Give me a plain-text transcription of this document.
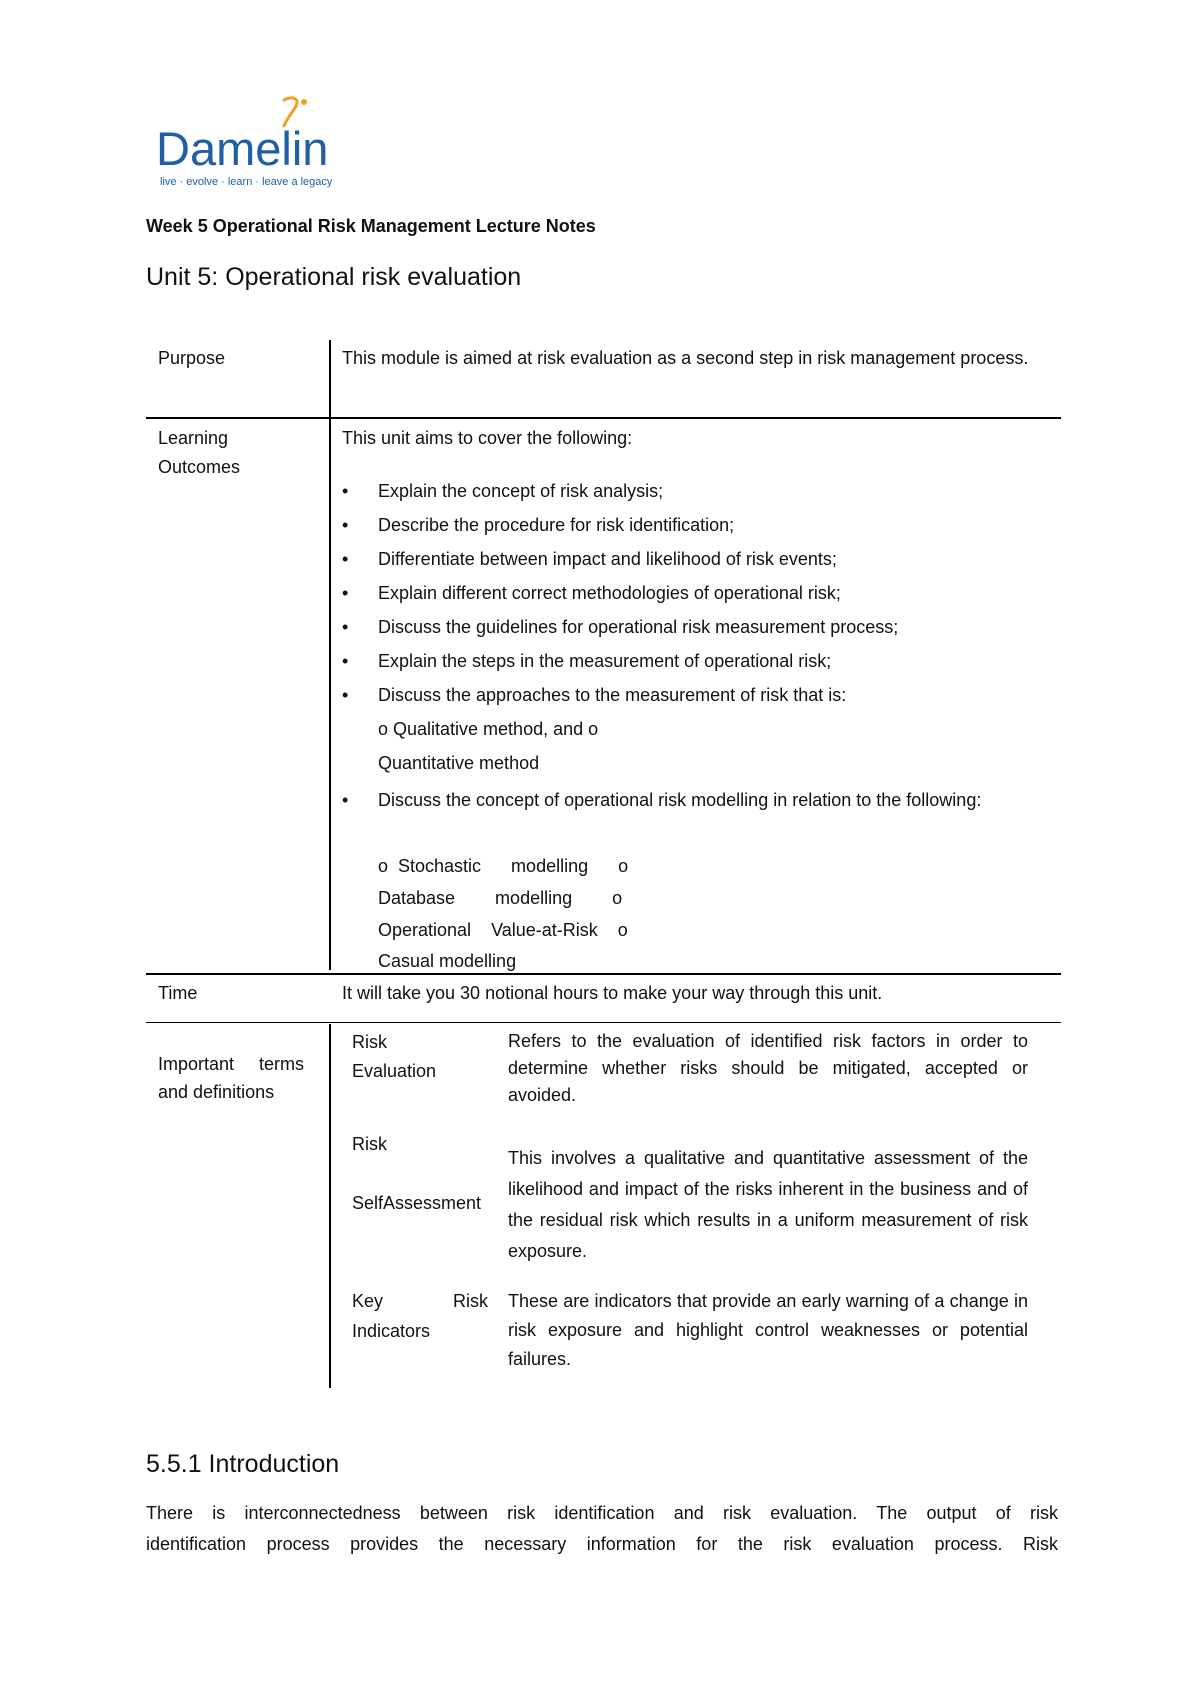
Damelin
live · evolve · learn · leave a legacy
Week 5 Operational Risk Management Lecture Notes
Unit 5: Operational risk evaluation
Purpose	This module is aimed at risk evaluation as a second step in risk management process.
Learning
Outcomes
This unit aims to cover the following:
• Explain the concept of risk analysis;
• Describe the procedure for risk identification;
• Differentiate between impact and likelihood of risk events;
• Explain different correct methodologies of operational risk;
• Discuss the guidelines for operational risk measurement process;
• Explain the steps in the measurement of operational risk;
• Discuss the approaches to the measurement of risk that is:
o Qualitative method, and o
Quantitative method
• Discuss the concept of operational risk modelling in relation to the following:
o  Stochastic      modelling      o
Database        modelling        o
Operational    Value-at-Risk    o
Casual modelling
Time	It will take you 30 notional hours to make your way through this unit.
Important     terms
and definitions
Risk
Evaluation
Refers to the evaluation of identified risk factors in order to determine whether risks should be mitigated, accepted or avoided.
Risk
SelfAssessment
This involves a qualitative and quantitative assessment of the likelihood and impact of the risks inherent in the business and of the residual risk which results in a uniform measurement of risk exposure.
Key              Risk
Indicators
These are indicators that provide an early warning of a change in risk exposure and highlight control weaknesses or potential failures.
5.5.1 Introduction
There is interconnectedness between risk identification and risk evaluation. The output of risk
identification process provides the necessary information for the risk evaluation process. Risk
